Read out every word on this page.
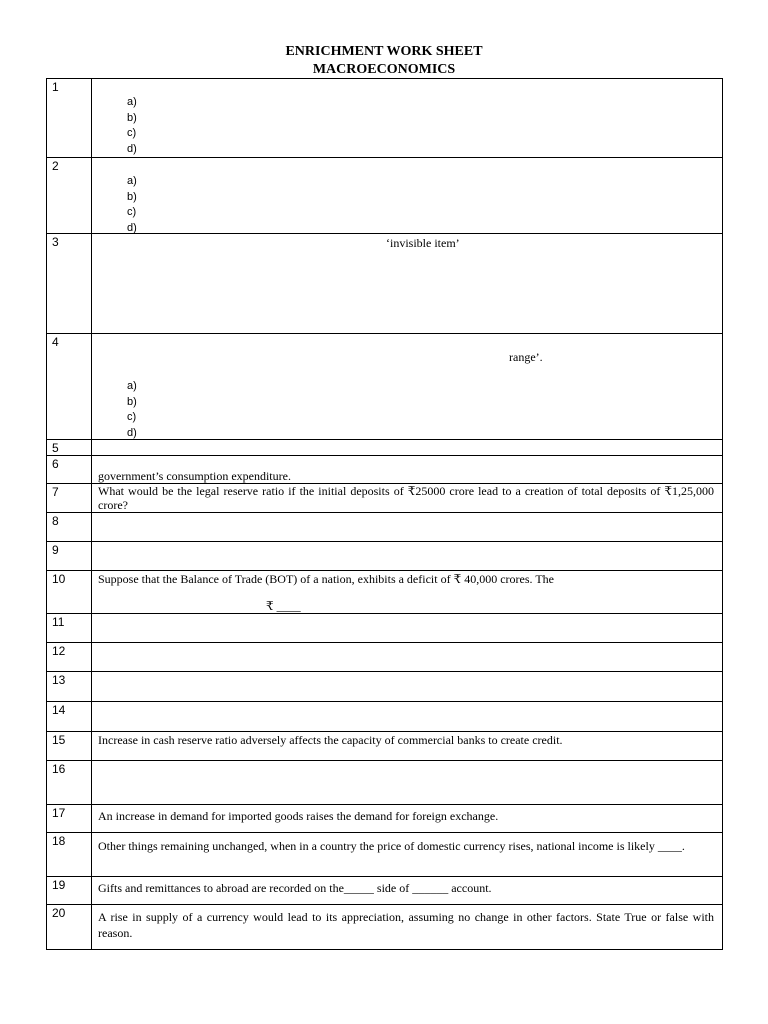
ENRICHMENT WORK SHEET
MACROECONOMICS
1	a)
b)
c)
d)

2	a)
b)
c)
d)

3	‘invisible item’

4	range’.
a)
b)
c)
d)

5	
6	government’s consumption expenditure.

7	What would be the legal reserve ratio if the initial deposits of ₹25000 crore lead to a creation of total deposits of ₹1,25,000 crore?

8	
9	
10	Suppose that the Balance of Trade (BOT) of a nation, exhibits a deficit of ₹ 40,000 crores. The
₹ ____

11	
12	
13	
14	
15	Increase in cash reserve ratio adversely affects the capacity of commercial banks to create credit.

16	
17	An increase in demand for imported goods raises the demand for foreign exchange.

18	Other things remaining unchanged, when in a country the price of domestic currency rises, national income is likely ____.

19	Gifts and remittances to abroad are recorded on the_____ side of ______ account.

20	A rise in supply of a currency would lead to its appreciation, assuming no change in other factors. State True or false with reason.
